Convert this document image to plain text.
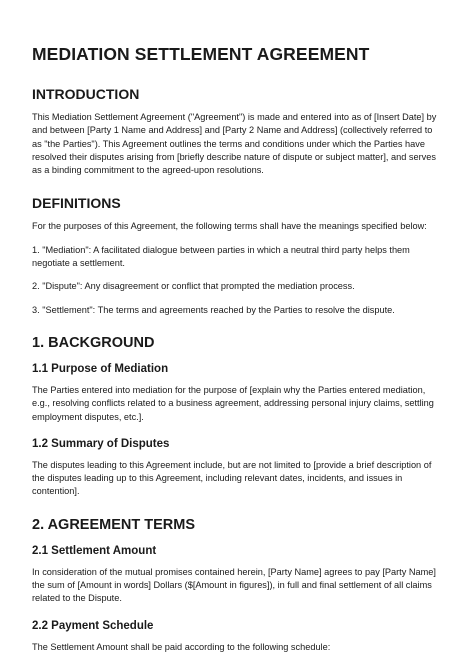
MEDIATION SETTLEMENT AGREEMENT
INTRODUCTION

This Mediation Settlement Agreement ("Agreement") is made and entered into as of [Insert Date] by and between [Party 1 Name and Address] and [Party 2 Name and Address] (collectively referred to as "the Parties"). This Agreement outlines the terms and conditions under which the Parties have resolved their disputes arising from [briefly describe nature of dispute or subject matter], and serves as a binding commitment to the agreed-upon resolutions.

DEFINITIONS

For the purposes of this Agreement, the following terms shall have the meanings specified below:

1. "Mediation": A facilitated dialogue between parties in which a neutral third party helps them negotiate a settlement.

2. "Dispute": Any disagreement or conflict that prompted the mediation process.

3. "Settlement": The terms and agreements reached by the Parties to resolve the dispute.

1. BACKGROUND
1.1 Purpose of Mediation

The Parties entered into mediation for the purpose of [explain why the Parties entered mediation, e.g., resolving conflicts related to a business agreement, addressing personal injury claims, settling employment disputes, etc.].

1.2 Summary of Disputes

The disputes leading to this Agreement include, but are not limited to [provide a brief description of the disputes leading up to this Agreement, including relevant dates, incidents, and issues in contention].

2. AGREEMENT TERMS
2.1 Settlement Amount

In consideration of the mutual promises contained herein, [Party Name] agrees to pay [Party Name] the sum of [Amount in words] Dollars ($[Amount in figures]), in full and final settlement of all claims related to the Dispute.

2.2 Payment Schedule

The Settlement Amount shall be paid according to the following schedule:
